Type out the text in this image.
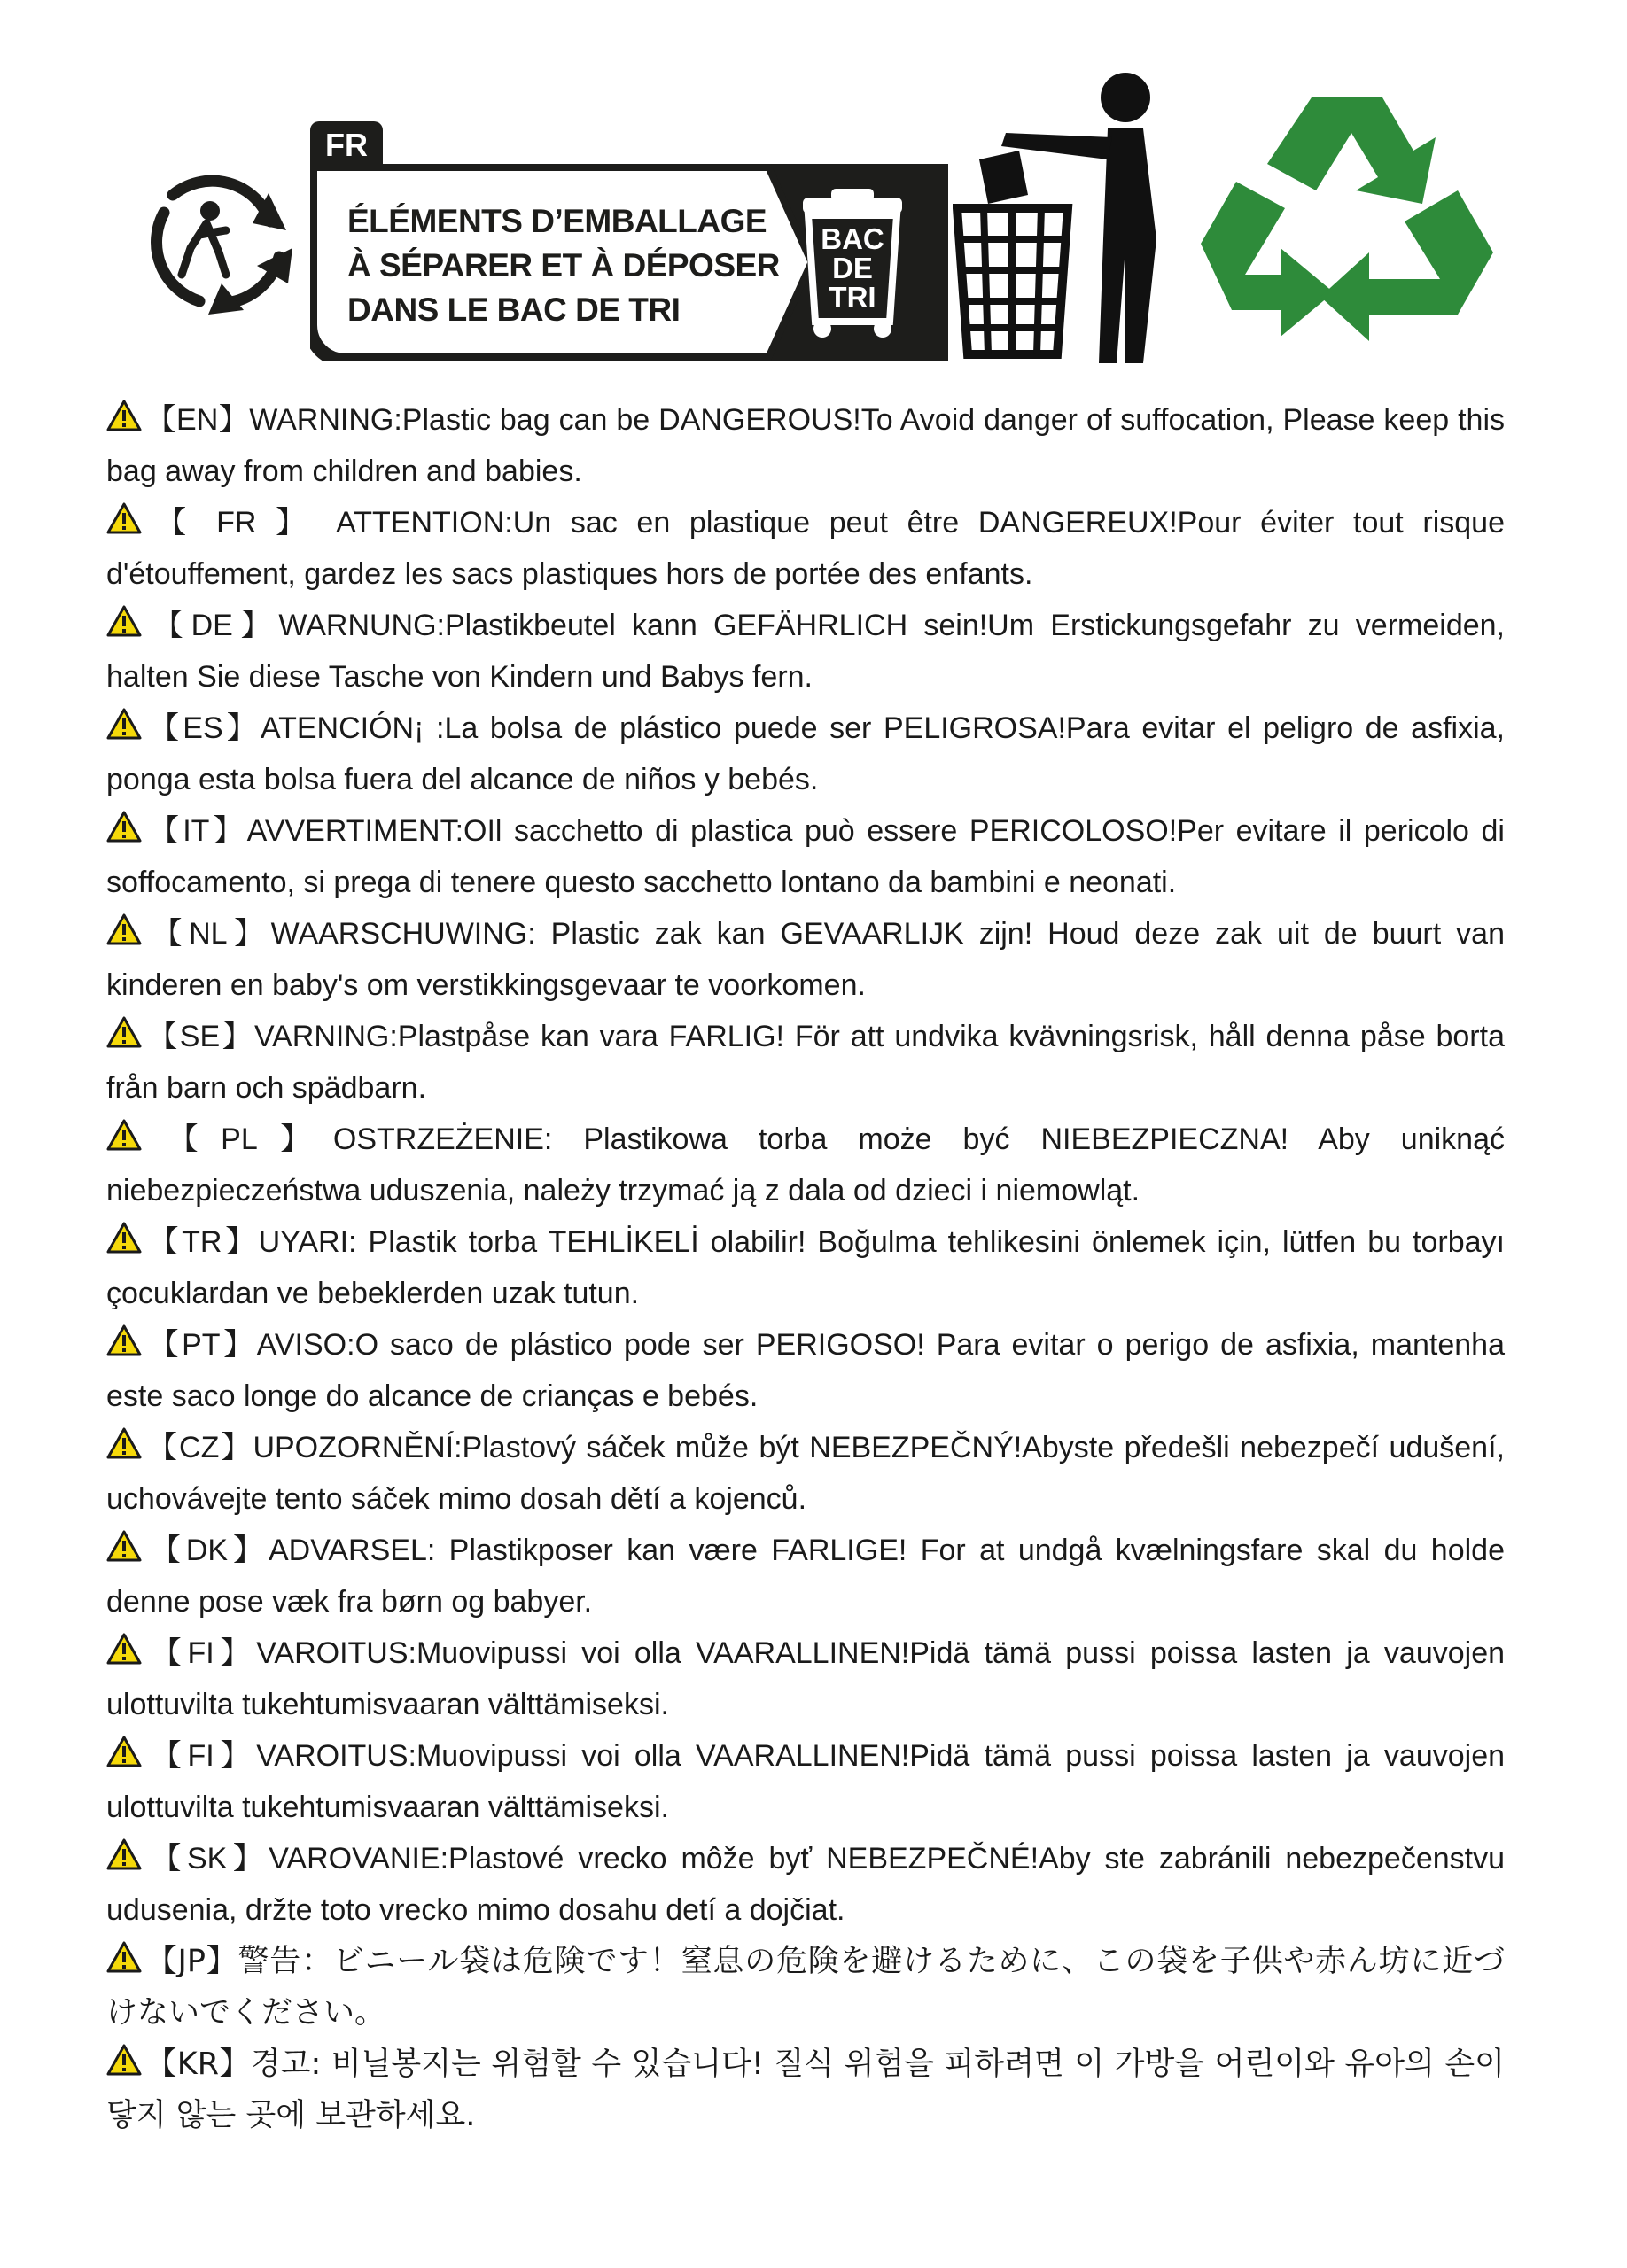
FR
ÉLÉMENTS D’EMBALLAGE
À SÉPARER ET À DÉPOSER
DANS LE BAC DE TRI
BAC
DE
TRI

【EN】WARNING:Plastic bag can be DANGEROUS!To Avoid danger of suffocation, Please keep this bag away from children and babies.

【 FR 】 ATTENTION:Un sac en plastique peut être DANGEREUX!Pour éviter tout risque d'étouffement, gardez les sacs plastiques hors de portée des enfants.

【DE】WARNUNG:Plastikbeutel kann GEFÄHRLICH sein!Um Erstickungsgefahr zu vermeiden, halten Sie diese Tasche von Kindern und Babys fern.

【ES】ATENCIÓN¡ :La bolsa de plástico puede ser PELIGROSA!Para evitar el peligro de asfixia, ponga esta bolsa fuera del alcance de niños y bebés.

【IT】AVVERTIMENT:OIl sacchetto di plastica può essere PERICOLOSO!Per evitare il pericolo di soffocamento, si prega di tenere questo sacchetto lontano da bambini e neonati.

【NL】WAARSCHUWING: Plastic zak kan GEVAARLIJK zijn! Houd deze zak uit de buurt van kinderen en baby's om verstikkingsgevaar te voorkomen.

【SE】VARNING:Plastpåse kan vara FARLIG! För att undvika kvävningsrisk, håll denna påse borta från barn och spädbarn.

【PL】OSTRZEŻENIE: Plastikowa torba może być NIEBEZPIECZNA! Aby uniknąć niebezpieczeństwa uduszenia, należy trzymać ją z dala od dzieci i niemowląt.

【TR】UYARI: Plastik torba TEHLİKELİ olabilir! Boğulma tehlikesini önlemek için, lütfen bu torbayı çocuklardan ve bebeklerden uzak tutun.

【PT】AVISO:O saco de plástico pode ser PERIGOSO! Para evitar o perigo de asfixia, mantenha este saco longe do alcance de crianças e bebés.

【CZ】UPOZORNĚNÍ:Plastový sáček může být NEBEZPEČNÝ!Abyste předešli nebezpečí udušení, uchovávejte tento sáček mimo dosah dětí a kojenců.

【DK】ADVARSEL: Plastikposer kan være FARLIGE! For at undgå kvælningsfare skal du holde denne pose væk fra børn og babyer.

【FI】VAROITUS:Muovipussi voi olla VAARALLINEN!Pidä tämä pussi poissa lasten ja vauvojen ulottuvilta tukehtumisvaaran välttämiseksi.

【FI】VAROITUS:Muovipussi voi olla VAARALLINEN!Pidä tämä pussi poissa lasten ja vauvojen ulottuvilta tukehtumisvaaran välttämiseksi.

【SK】VAROVANIE:Plastové vrecko môže byť NEBEZPEČNÉ!Aby ste zabránili nebezpečenstvu udusenia, držte toto vrecko mimo dosahu detí a dojčiat.

【JP】警告：ビニール袋は危険です！窒息の危険を避けるために、この袋を子供や赤ん坊に近づけないでください。

【KR】경고: 비닐봉지는 위험할 수 있습니다! 질식 위험을 피하려면 이 가방을 어린이와 유아의 손이 닿지 않는 곳에 보관하세요.
